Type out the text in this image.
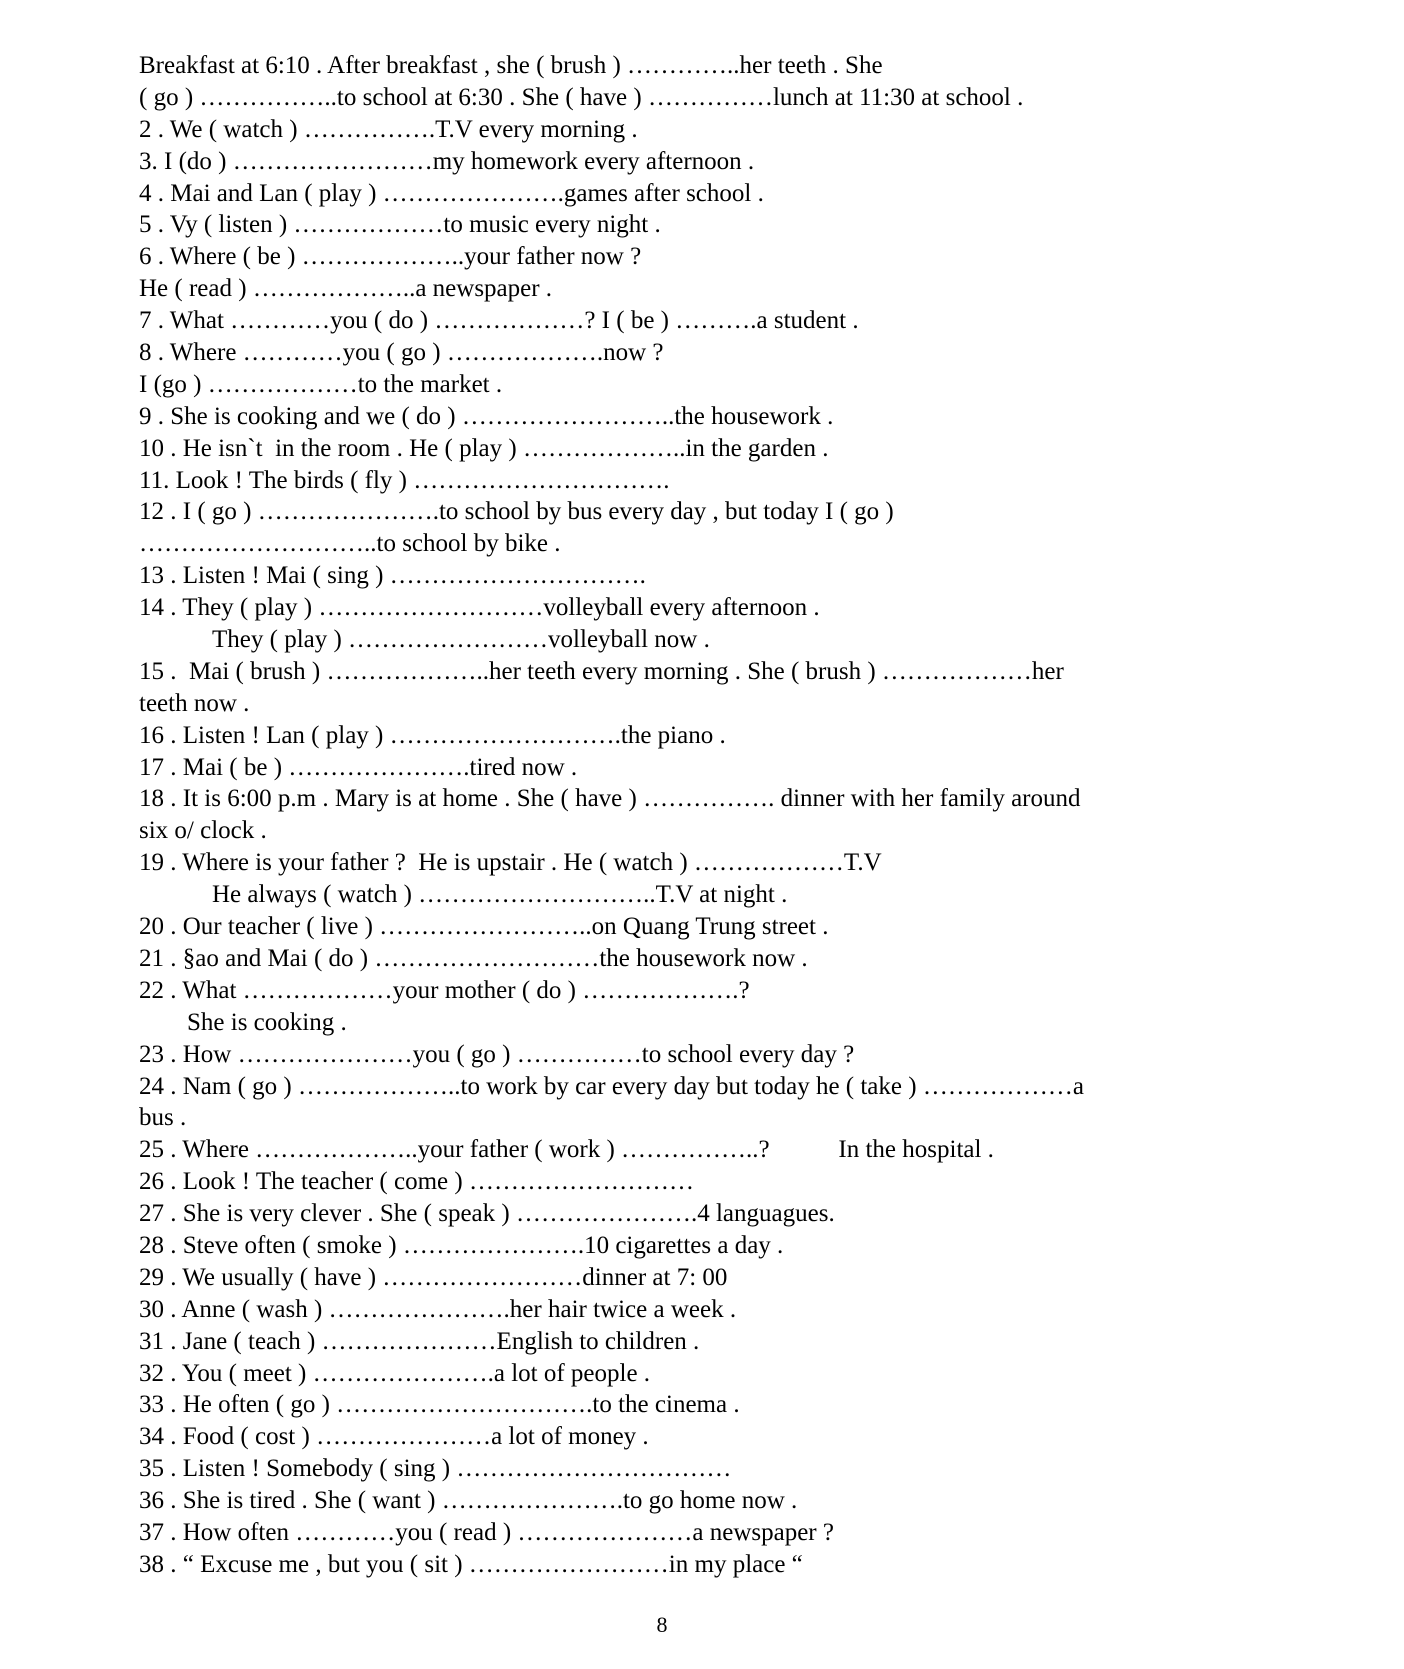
Breakfast at 6:10 . After breakfast , she ( brush ) …………..her teeth . She
( go ) ……………..to school at 6:30 . She ( have ) ……………lunch at 11:30 at school .
2 . We ( watch ) …………….T.V every morning .
3. I (do ) ……………………my homework every afternoon .
4 . Mai and Lan ( play ) ………………….games after school .
5 . Vy ( listen ) ………………to music every night .
6 . Where ( be ) ………………..your father now ?
He ( read ) ………………..a newspaper .
7 . What …………you ( do ) ………………? I ( be ) ……….a student .
8 . Where …………you ( go ) ……………….now ?
I (go ) ………………to the market .
9 . She is cooking and we ( do ) ……………………..the housework .
10 . He isn`t  in the room . He ( play ) ………………..in the garden .
11. Look ! The birds ( fly ) ………………………….
12 . I ( go ) ………………….to school by bus every day , but today I ( go )
………………………..to school by bike .
13 . Listen ! Mai ( sing ) ………………………….
14 . They ( play ) ………………………volleyball every afternoon .
They ( play ) ……………………volleyball now .
15 .  Mai ( brush ) ………………..her teeth every morning . She ( brush ) ………………her
teeth now .
16 . Listen ! Lan ( play ) ……………………….the piano .
17 . Mai ( be ) ………………….tired now .
18 . It is 6:00 p.m . Mary is at home . She ( have ) ……………. dinner with her family around
six o/ clock .
19 . Where is your father ?  He is upstair . He ( watch ) ………………T.V
He always ( watch ) ………………………..T.V at night .
20 . Our teacher ( live ) ……………………..on Quang Trung street .
21 . §ao and Mai ( do ) ………………………the housework now .
22 . What ………………your mother ( do ) ……………….?
She is cooking .
23 . How …………………you ( go ) ……………to school every day ?
24 . Nam ( go ) ………………..to work by car every day but today he ( take ) ………………a
bus .
25 . Where ………………..your father ( work ) ……………..?           In the hospital .
26 . Look ! The teacher ( come ) ………………………
27 . She is very clever . She ( speak ) ………………….4 languagues.
28 . Steve often ( smoke ) ………………….10 cigarettes a day .
29 . We usually ( have ) ……………………dinner at 7: 00
30 . Anne ( wash ) ………………….her hair twice a week .
31 . Jane ( teach ) …………………English to children .
32 . You ( meet ) ………………….a lot of people .
33 . He often ( go ) ………………………….to the cinema .
34 . Food ( cost ) …………………a lot of money .
35 . Listen ! Somebody ( sing ) ……………………………
36 . She is tired . She ( want ) ………………….to go home now .
37 . How often …………you ( read ) …………………a newspaper ?
38 . “ Excuse me , but you ( sit ) ……………………in my place “
8
